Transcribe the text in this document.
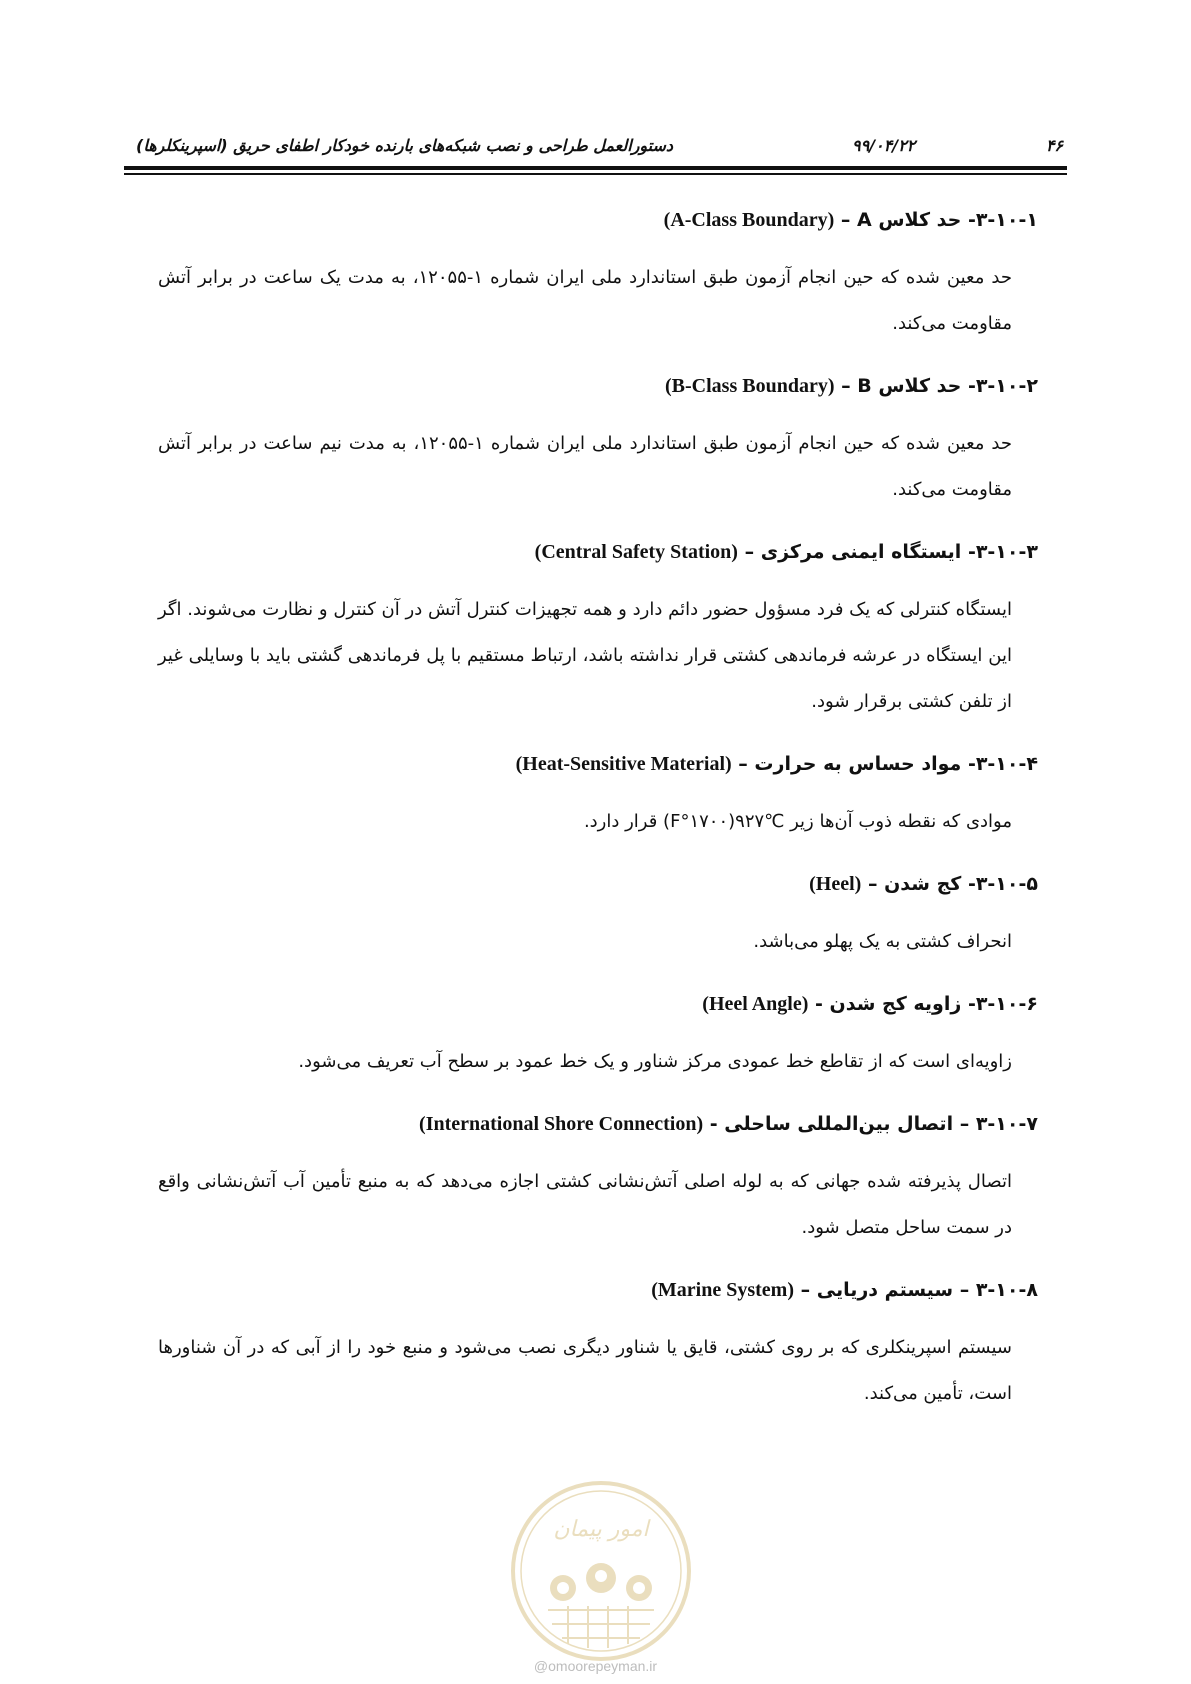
دستورالعمل طراحی و نصب شبکه‌های بارنده خودکار اطفای حریق (اسپرینکلرها)	۹۹/۰۴/۲۲	۴۶
۳-۱۰-۱- حد کلاس A – (A-Class Boundary)

حد معین شده که حین انجام آزمون طبق استاندارد ملی ایران شماره ۱-۱۲۰۵۵، به مدت یک ساعت در برابر آتش مقاومت می‌کند.

۳-۱۰-۲- حد کلاس B – (B-Class Boundary)

حد معین شده که حین انجام آزمون طبق استاندارد ملی ایران شماره ۱-۱۲۰۵۵، به مدت نیم ساعت در برابر آتش مقاومت می‌کند.

۳-۱۰-۳- ایستگاه ایمنی مرکزی – (Central Safety Station)

ایستگاه کنترلی که یک فرد مسؤول حضور دائم دارد و همه تجهیزات کنترل آتش در آن کنترل و نظارت می‌شوند. اگر این ایستگاه در عرشه فرماندهی کشتی قرار نداشته باشد، ارتباط مستقیم با پل فرماندهی گشتی باید با وسایلی غیر از تلفن کشتی برقرار شود.

۳-۱۰-۴- مواد حساس به حرارت – (Heat-Sensitive Material)

موادی که نقطه ذوب آن‌ها زیر ℃۹۲۷(F°۱۷۰۰) قرار دارد.

۳-۱۰-۵- کج شدن – (Heel)

انحراف کشتی به یک پهلو می‌باشد.

۳-۱۰-۶- زاویه کج شدن - (Heel Angle)

زاویه‌ای است که از تقاطع خط عمودی مرکز شناور و یک خط عمود بر سطح آب تعریف می‌شود.

۳-۱۰-۷ – اتصال بین‌المللی ساحلی - (International Shore Connection)

اتصال پذیرفته شده جهانی که به لوله اصلی آتش‌نشانی کشتی اجازه می‌دهد که به منبع تأمین آب آتش‌نشانی واقع در سمت ساحل متصل شود.

۳-۱۰-۸ – سیستم دریایی – (Marine System)

سیستم اسپرینکلری که بر روی کشتی، قایق یا شناور دیگری نصب می‌شود و منبع خود را از آبی که در آن شناورها است، تأمین می‌کند.

امور پیمان
@omoorepeyman.ir
